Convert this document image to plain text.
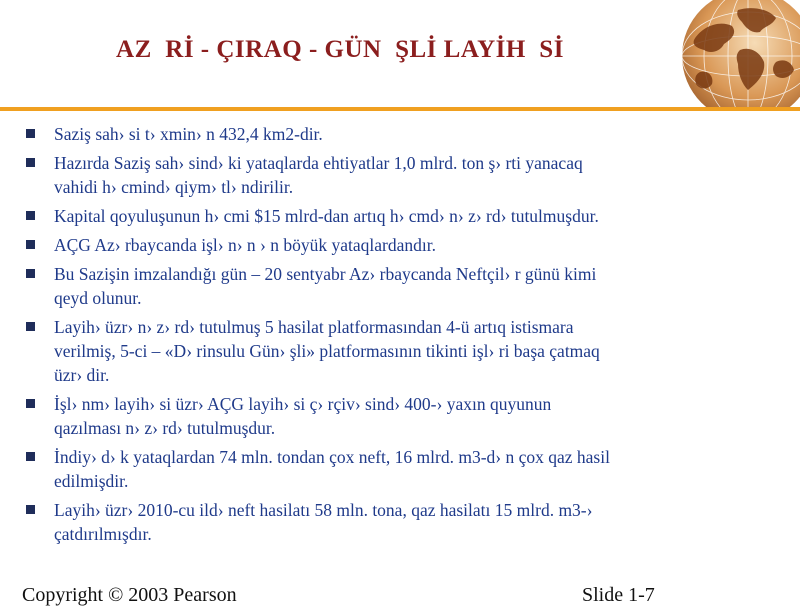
AZ  Rİ - ÇIRAQ - GÜN  ŞLİ LAYİH  Sİ
Saziş sah› si t› xmin› n 432,4 km2-dir.
Hazırda Saziş sah› sind› ki yataqlarda ehtiyatlar 1,0 mlrd. ton ş› rti yanacaq
vahidi h› cmind› qiym› tl› ndirilir.
Kapital qoyuluşunun h› cmi $15 mlrd-dan artıq h› cmd› n› z› rd› tutulmuşdur.
AÇG Az› rbaycanda işl› n› n › n böyük yataqlardandır.
Bu Sazişin imzalandığı gün – 20 sentyabr Az› rbaycanda Neftçil› r günü kimi
qeyd olunur.
Layih› üzr› n› z› rd› tutulmuş 5 hasilat platformasından 4-ü artıq istismara
verilmiş, 5-ci – «D› rinsulu Gün› şli» platformasının tikinti işl› ri başa çatmaq
üzr› dir.
İşl› nm› layih› si üzr› AÇG layih› si ç› rçiv› sind› 400-› yaxın quyunun
qazılması n› z› rd› tutulmuşdur.
İndiy› d› k yataqlardan 74 mln. tondan çox neft, 16 mlrd. m3-d› n çox qaz hasil
edilmişdir.
Layih› üzr› 2010-cu ild› neft hasilatı 58 mln. tona, qaz hasilatı 15 mlrd. m3-›
çatdırılmışdır.
Copyright © 2003 Pearson	Slide 1-7
